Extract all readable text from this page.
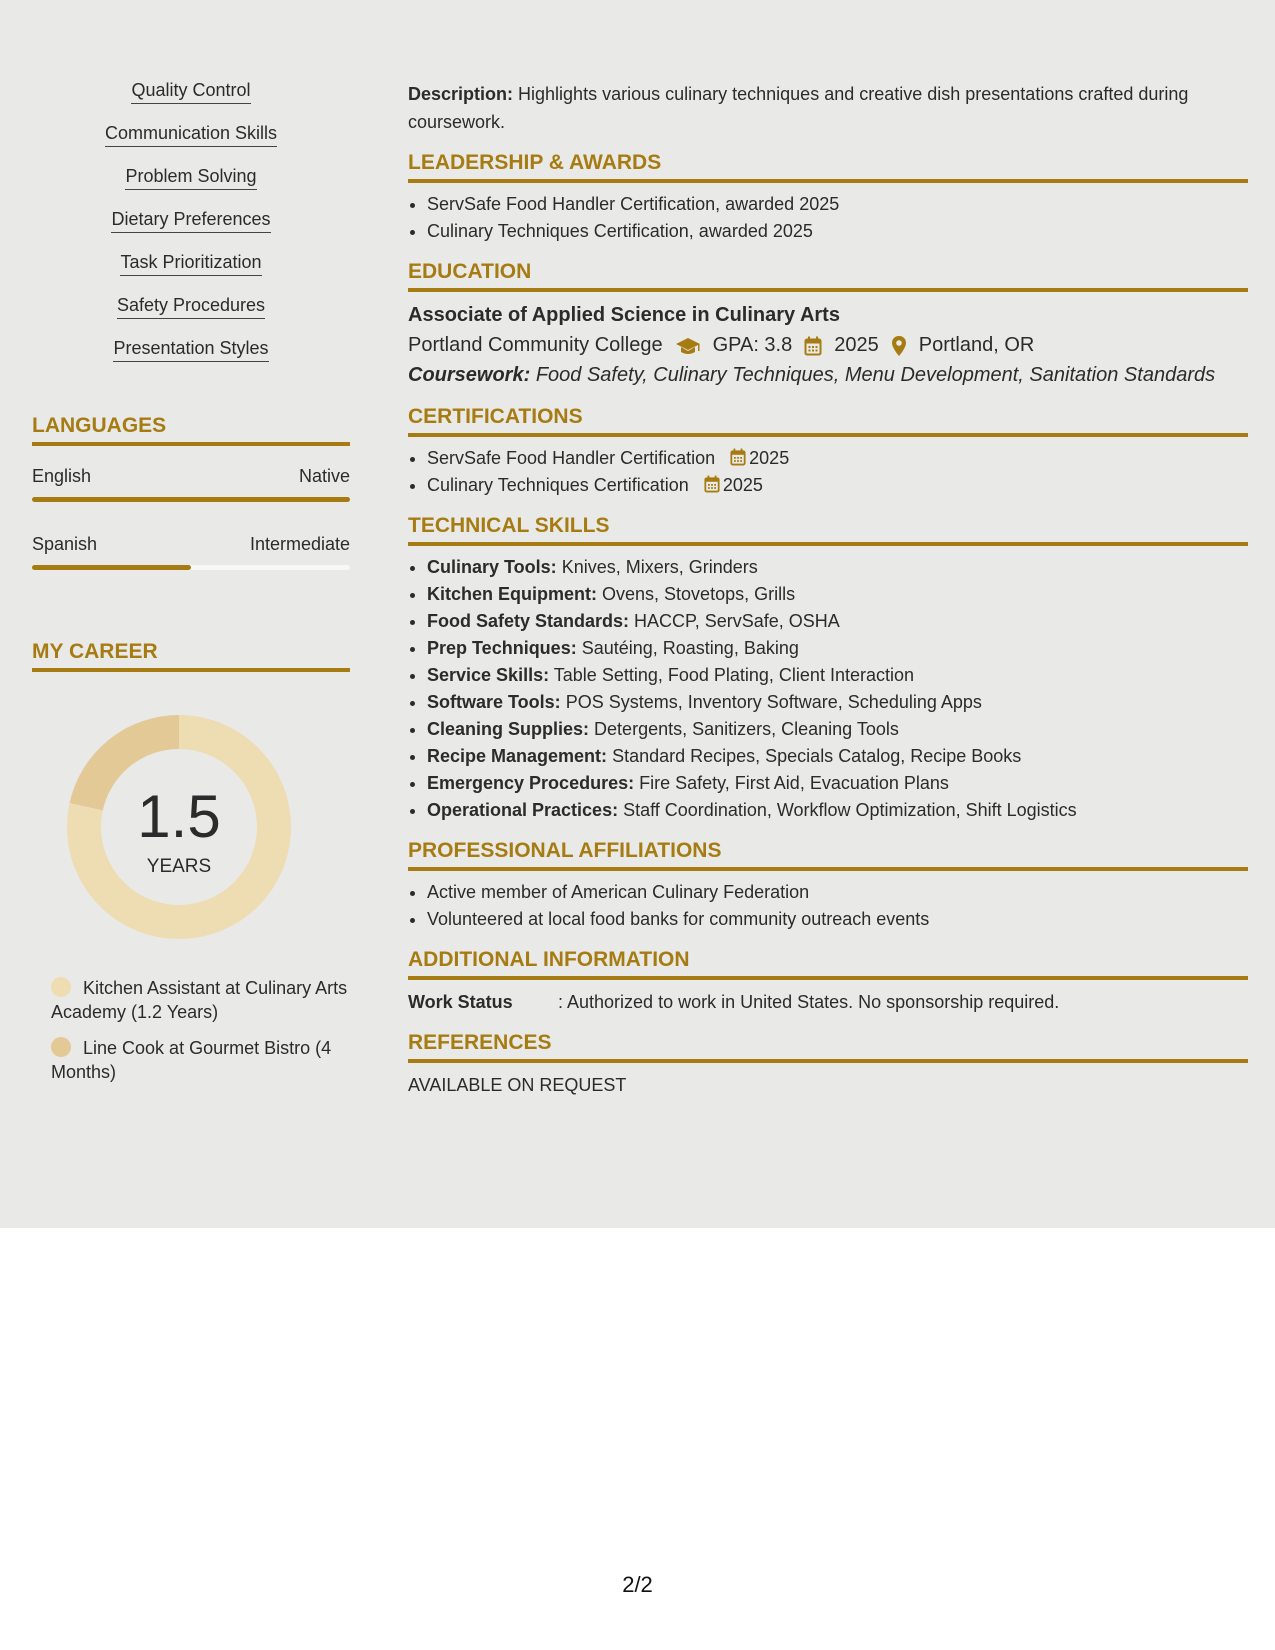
Quality Control
Communication Skills
Problem Solving
Dietary Preferences
Task Prioritization
Safety Procedures
Presentation Styles
LANGUAGES
English	Native
Spanish	Intermediate
MY CAREER
1.5
YEARS
Kitchen Assistant at Culinary Arts Academy (1.2 Years)
Line Cook at Gourmet Bistro (4 Months)
Description: Highlights various culinary techniques and creative dish presentations crafted during coursework.
LEADERSHIP & AWARDS
• ServSafe Food Handler Certification, awarded 2025
• Culinary Techniques Certification, awarded 2025
EDUCATION
Associate of Applied Science in Culinary Arts
Portland Community College	GPA: 3.8 2025 Portland, OR
Coursework: Food Safety, Culinary Techniques, Menu Development, Sanitation Standards
CERTIFICATIONS
• ServSafe Food Handler Certification 2025
• Culinary Techniques Certification 2025
TECHNICAL SKILLS
• Culinary Tools: Knives, Mixers, Grinders
• Kitchen Equipment: Ovens, Stovetops, Grills
• Food Safety Standards: HACCP, ServSafe, OSHA
• Prep Techniques: Sautéing, Roasting, Baking
• Service Skills: Table Setting, Food Plating, Client Interaction
• Software Tools: POS Systems, Inventory Software, Scheduling Apps
• Cleaning Supplies: Detergents, Sanitizers, Cleaning Tools
• Recipe Management: Standard Recipes, Specials Catalog, Recipe Books
• Emergency Procedures: Fire Safety, First Aid, Evacuation Plans
• Operational Practices: Staff Coordination, Workflow Optimization, Shift Logistics
PROFESSIONAL AFFILIATIONS
• Active member of American Culinary Federation
• Volunteered at local food banks for community outreach events
ADDITIONAL INFORMATION
Work Status	: Authorized to work in United States. No sponsorship required.
REFERENCES
AVAILABLE ON REQUEST
2/2
